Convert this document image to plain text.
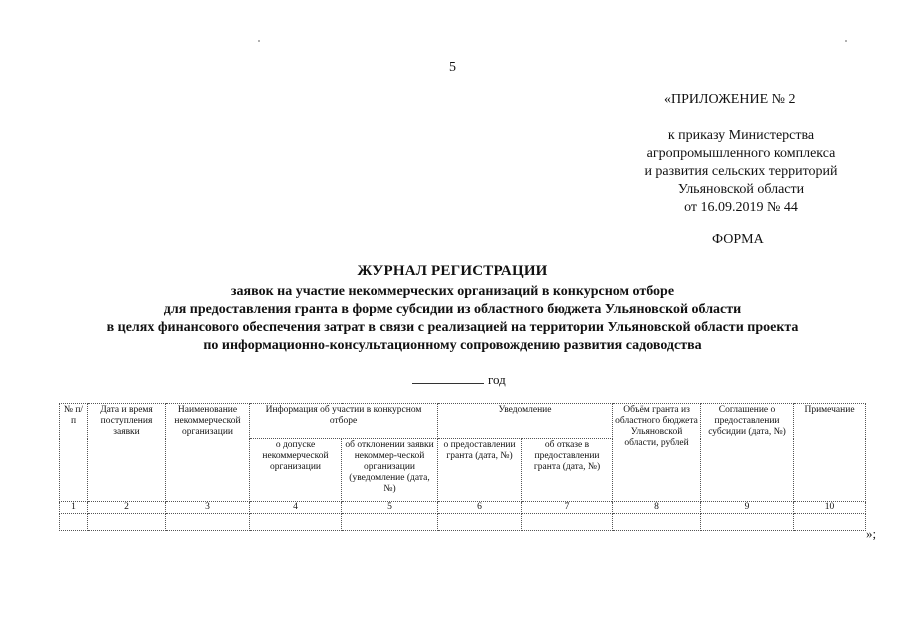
5
«ПРИЛОЖЕНИЕ № 2
к приказу Министерства
агропромышленного комплекса
и развития сельских территорий
Ульяновской области
от 16.09.2019 № 44
ФОРМА
ЖУРНАЛ РЕГИСТРАЦИИ
заявок на участие некоммерческих организаций в конкурсном отборе
для предоставления гранта в форме субсидии из областного бюджета Ульяновской области
в целях финансового обеспечения затрат в связи с реализацией на территории Ульяновской области проекта
по информационно-консультационному сопровождению развития садоводства
год
№ п/п	Дата и время поступления заявки	Наименование некоммерческой организации	Информация об участии в конкурсном отборе		Уведомление		Объём гранта из областного бюджета Ульяновской области, рублей	Соглашение о предоставлении субсидии (дата, №)	Примечание
			о допуске некоммерческой организации	об отклонении заявки некоммер-ческой организации (уведомление (дата, №)	о предоставлении гранта (дата, №)	об отказе в предоставлении гранта (дата, №)			
1	2	3	4	5	6	7	8	9	10

»;
